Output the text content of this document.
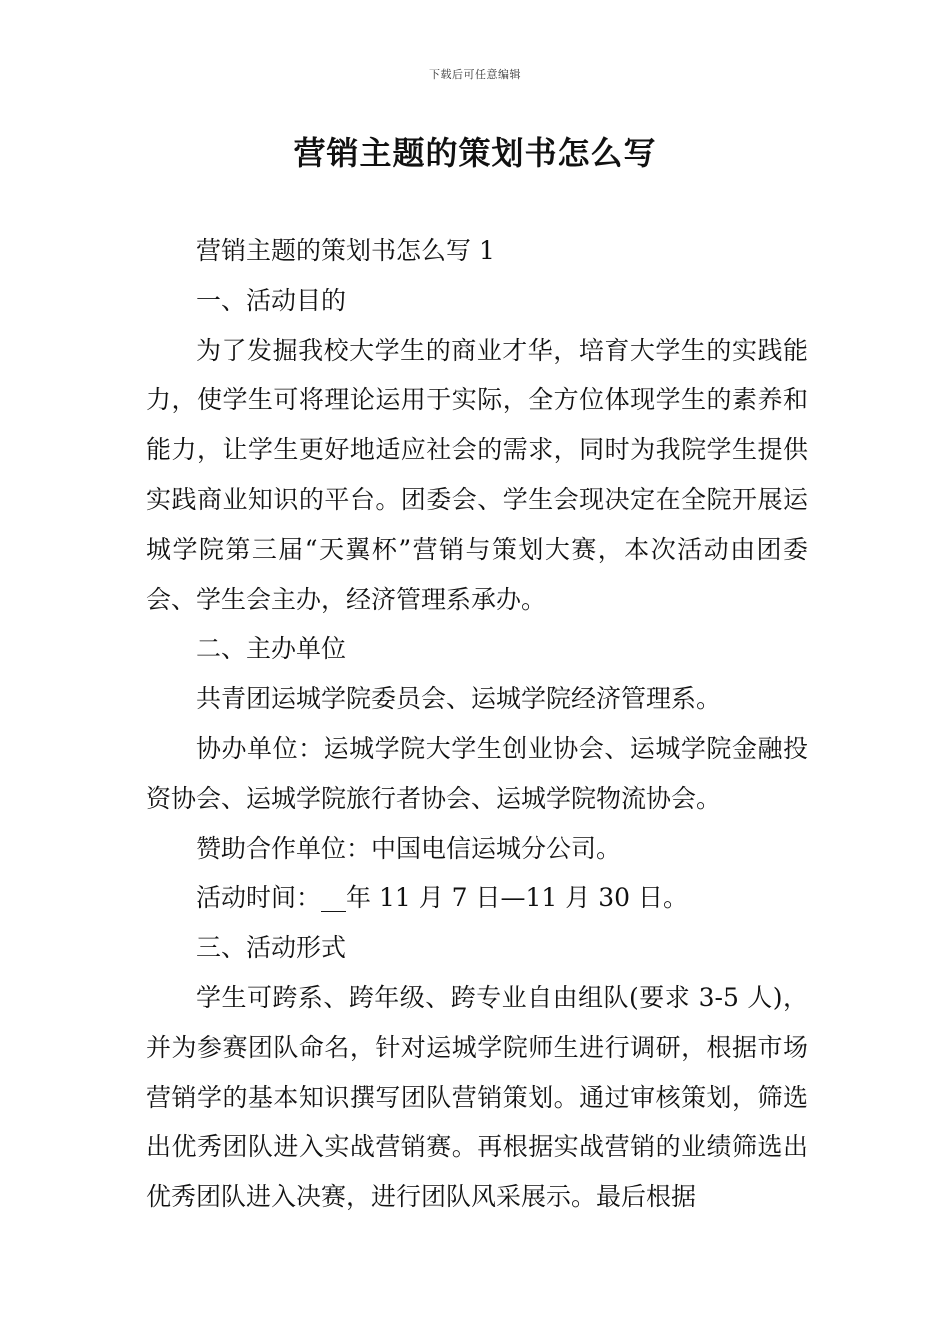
下载后可任意编辑
营销主题的策划书怎么写

营销主题的策划书怎么写 1

一、活动目的

为了发掘我校大学生的商业才华，培育大学生的实践能力，使学生可将理论运用于实际，全方位体现学生的素养和能力，让学生更好地适应社会的需求，同时为我院学生提供实践商业知识的平台。团委会、学生会现决定在全院开展运城学院第三届“天翼杯”营销与策划大赛，本次活动由团委会、学生会主办，经济管理系承办。

二、主办单位

共青团运城学院委员会、运城学院经济管理系。

协办单位：运城学院大学生创业协会、运城学院金融投资协会、运城学院旅行者协会、运城学院物流协会。

赞助合作单位：中国电信运城分公司。

活动时间：__年 11 月 7 日—11 月 30 日。

三、活动形式

学生可跨系、跨年级、跨专业自由组队(要求 3-5 人)，并为参赛团队命名，针对运城学院师生进行调研，根据市场营销学的基本知识撰写团队营销策划。通过审核策划，筛选出优秀团队进入实战营销赛。再根据实战营销的业绩筛选出优秀团队进入决赛，进行团队风采展示。最后根据
